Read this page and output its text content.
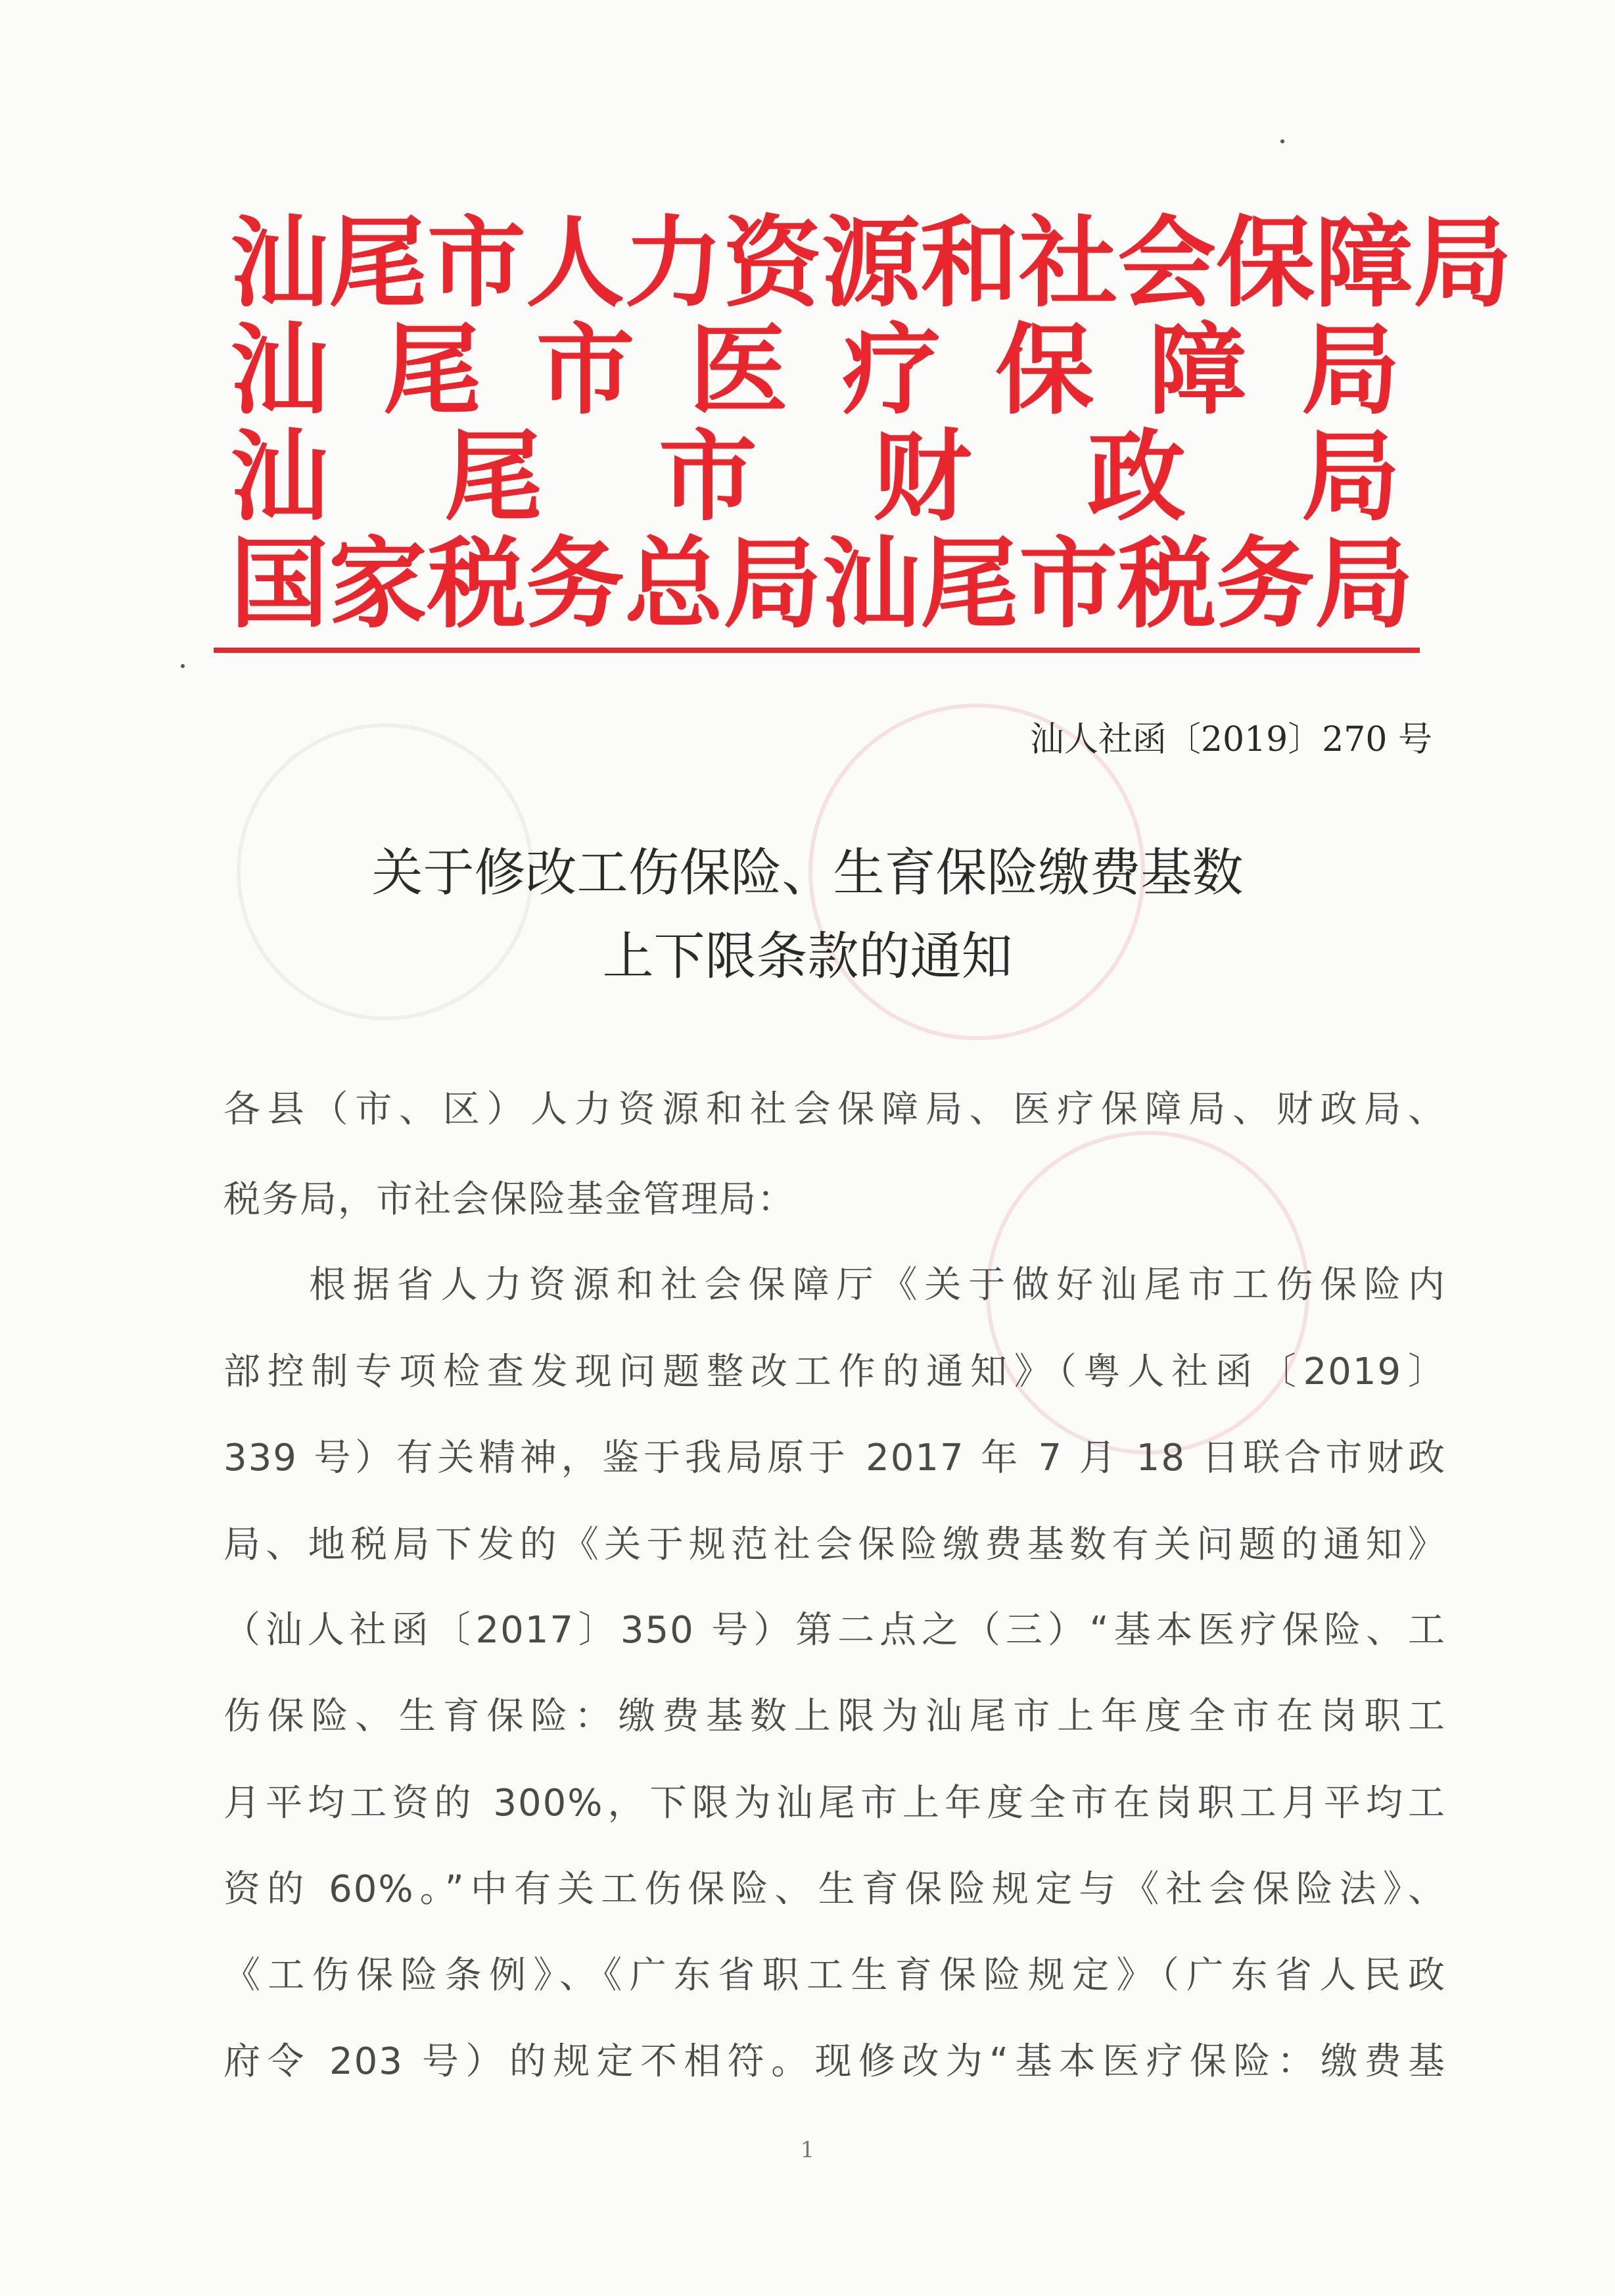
汕 尾 市 人 力 资 源 和 社 会 保 障 局
汕 尾 市 医 疗 保 障 局
汕 尾 市 财 政 局
国 家 税 务 总 局 汕 尾 市 税 务 局
汕人社函〔2019〕270 号
关于修改工伤保险、生育保险缴费基数
上下限条款的通知
各县（市、区）人力资源和社会保障局、医疗保障局、财政局、
税务局，市社会保险基金管理局：
根据省人力资源和社会保障厅《关于做好汕尾市工伤保险内
部控制专项检查发现问题整改工作的通知》（粤人社函〔2019〕
339 号）有关精神，鉴于我局原于 2017 年 7 月 18 日联合市财政
局、地税局下发的《关于规范社会保险缴费基数有关问题的通知》
（汕人社函〔2017〕350 号）第二点之（三）“基本医疗保险、工
伤保险、生育保险：缴费基数上限为汕尾市上年度全市在岗职工
月平均工资的 300%，下限为汕尾市上年度全市在岗职工月平均工
资的 60%。”中有关工伤保险、生育保险规定与《社会保险法》、
《工伤保险条例》、《广东省职工生育保险规定》（广东省人民政
府令 203 号）的规定不相符。现修改为“基本医疗保险：缴费基
1
